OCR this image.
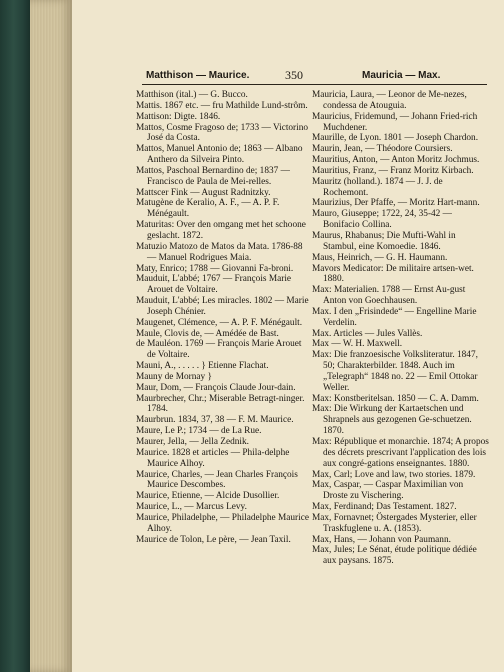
Matthison — Maurice.	350	Mauricia — Max.
Matthison (ital.) — G. Bucco.
Mattis. 1867 etc. — fru Mathilde Lund-strôm.
Mattison: Digte. 1846.
Mattos, Cosme Fragoso de; 1733 — Victorino José da Costa.
Mattos, Manuel Antonio de; 1863 — Albano Anthero da Silveira Pinto.
Mattos, Paschoal Bernardino de; 1837 — Francisco de Paula de Mei-relles.
Mattscer Fink — August Radnitzky.
Matugène de Keralio, A. F., — A. P. F. Ménégault.
Maturitas: Over den omgang met het schoone geslacht. 1872.
Matuzio Matozo de Matos da Mata. 1786-88 — Manuel Rodrigues Maia.
Maty, Enrico; 1788 — Giovanni Fa-broni.
Mauduit, L'abbé; 1767 — François Marie Arouet de Voltaire.
Mauduit, L'abbé; Les miracles. 1802 — Marie Joseph Chénier.
Maugenet, Clémence, — A. P. F. Ménégault.
Maule, Clovis de, — Amédée de Bast.
de Mauléon. 1769 — François Marie Arouet de Voltaire.
Mauni, A., . . . . . } Etienne Flachat.
Mauny de Mornay }
Maur, Dom, — François Claude Jour-dain.
Maurbrecher, Chr.; Miserable Betragt-ninger. 1784.
Maurbrun. 1834, 37, 38 — F. M. Maurice.
Maure, Le P.; 1734 — de La Rue.
Maurer, Jella, — Jella Zednik.
Maurice. 1828 et articles — Phila-delphe Maurice Alhoy.
Maurice, Charles, — Jean Charles François Maurice Descombes.
Maurice, Etienne, — Alcide Dusollier.
Maurice, L., — Marcus Levy.
Maurice, Philadelphe, — Philadelphe Maurice Alhoy.
Maurice de Tolon, Le père, — Jean Taxil.
Mauricia, Laura, — Leonor de Me-nezes, condessa de Atouguia.
Mauricius, Fridemund, — Johann Fried-rich Muchdener.
Maurille, de Lyon. 1801 — Joseph Chardon.
Maurin, Jean, — Théodore Coursiers.
Mauritius, Anton, — Anton Moritz Jochmus.
Mauritius, Franz, — Franz Moritz Kirbach.
Mauritz (holland.). 1874 — J. J. de Rochemont.
Maurizius, Der Pfaffe, — Moritz Hart-mann.
Mauro, Giuseppe; 1722, 24, 35-42 — Bonifacio Collina.
Maurus, Rhabanus; Die Mufti-Wahl in Stambul, eine Komoedie. 1846.
Maus, Heinrich, — G. H. Haumann.
Mavors Medicator: De militaire artsen-wet. 1880.
Max: Materialien. 1788 — Ernst Au-gust Anton von Goechhausen.
Max. I den „Frisindede“ — Engelline Marie Verdelin.
Max. Articles — Jules Vallès.
Max — W. H. Maxwell.
Max: Die franzoesische Volksliteratur. 1847, 50; Charakterbilder. 1848. Auch im „Telegraph“ 1848 no. 22 — Emil Ottokar Weller.
Max: Konstberitelsan. 1850 — C. A. Damm.
Max: Die Wirkung der Kartaetschen und Shrapnels aus gezogenen Ge-schuetzen. 1870.
Max: République et monarchie. 1874; A propos des décrets prescrivant l'application des lois aux congré-gations enseignantes. 1880.
Max, Carl; Love and law, two stories. 1879.
Max, Caspar, — Caspar Maximilian von Droste zu Vischering.
Max, Ferdinand; Das Testament. 1827.
Max, Fornavnet; Östergades Mysterier, eller Traskfuglene u. A. (1853).
Max, Hans, — Johann von Paumann.
Max, Jules; Le Sénat, étude politique dédiée aux paysans. 1875.
